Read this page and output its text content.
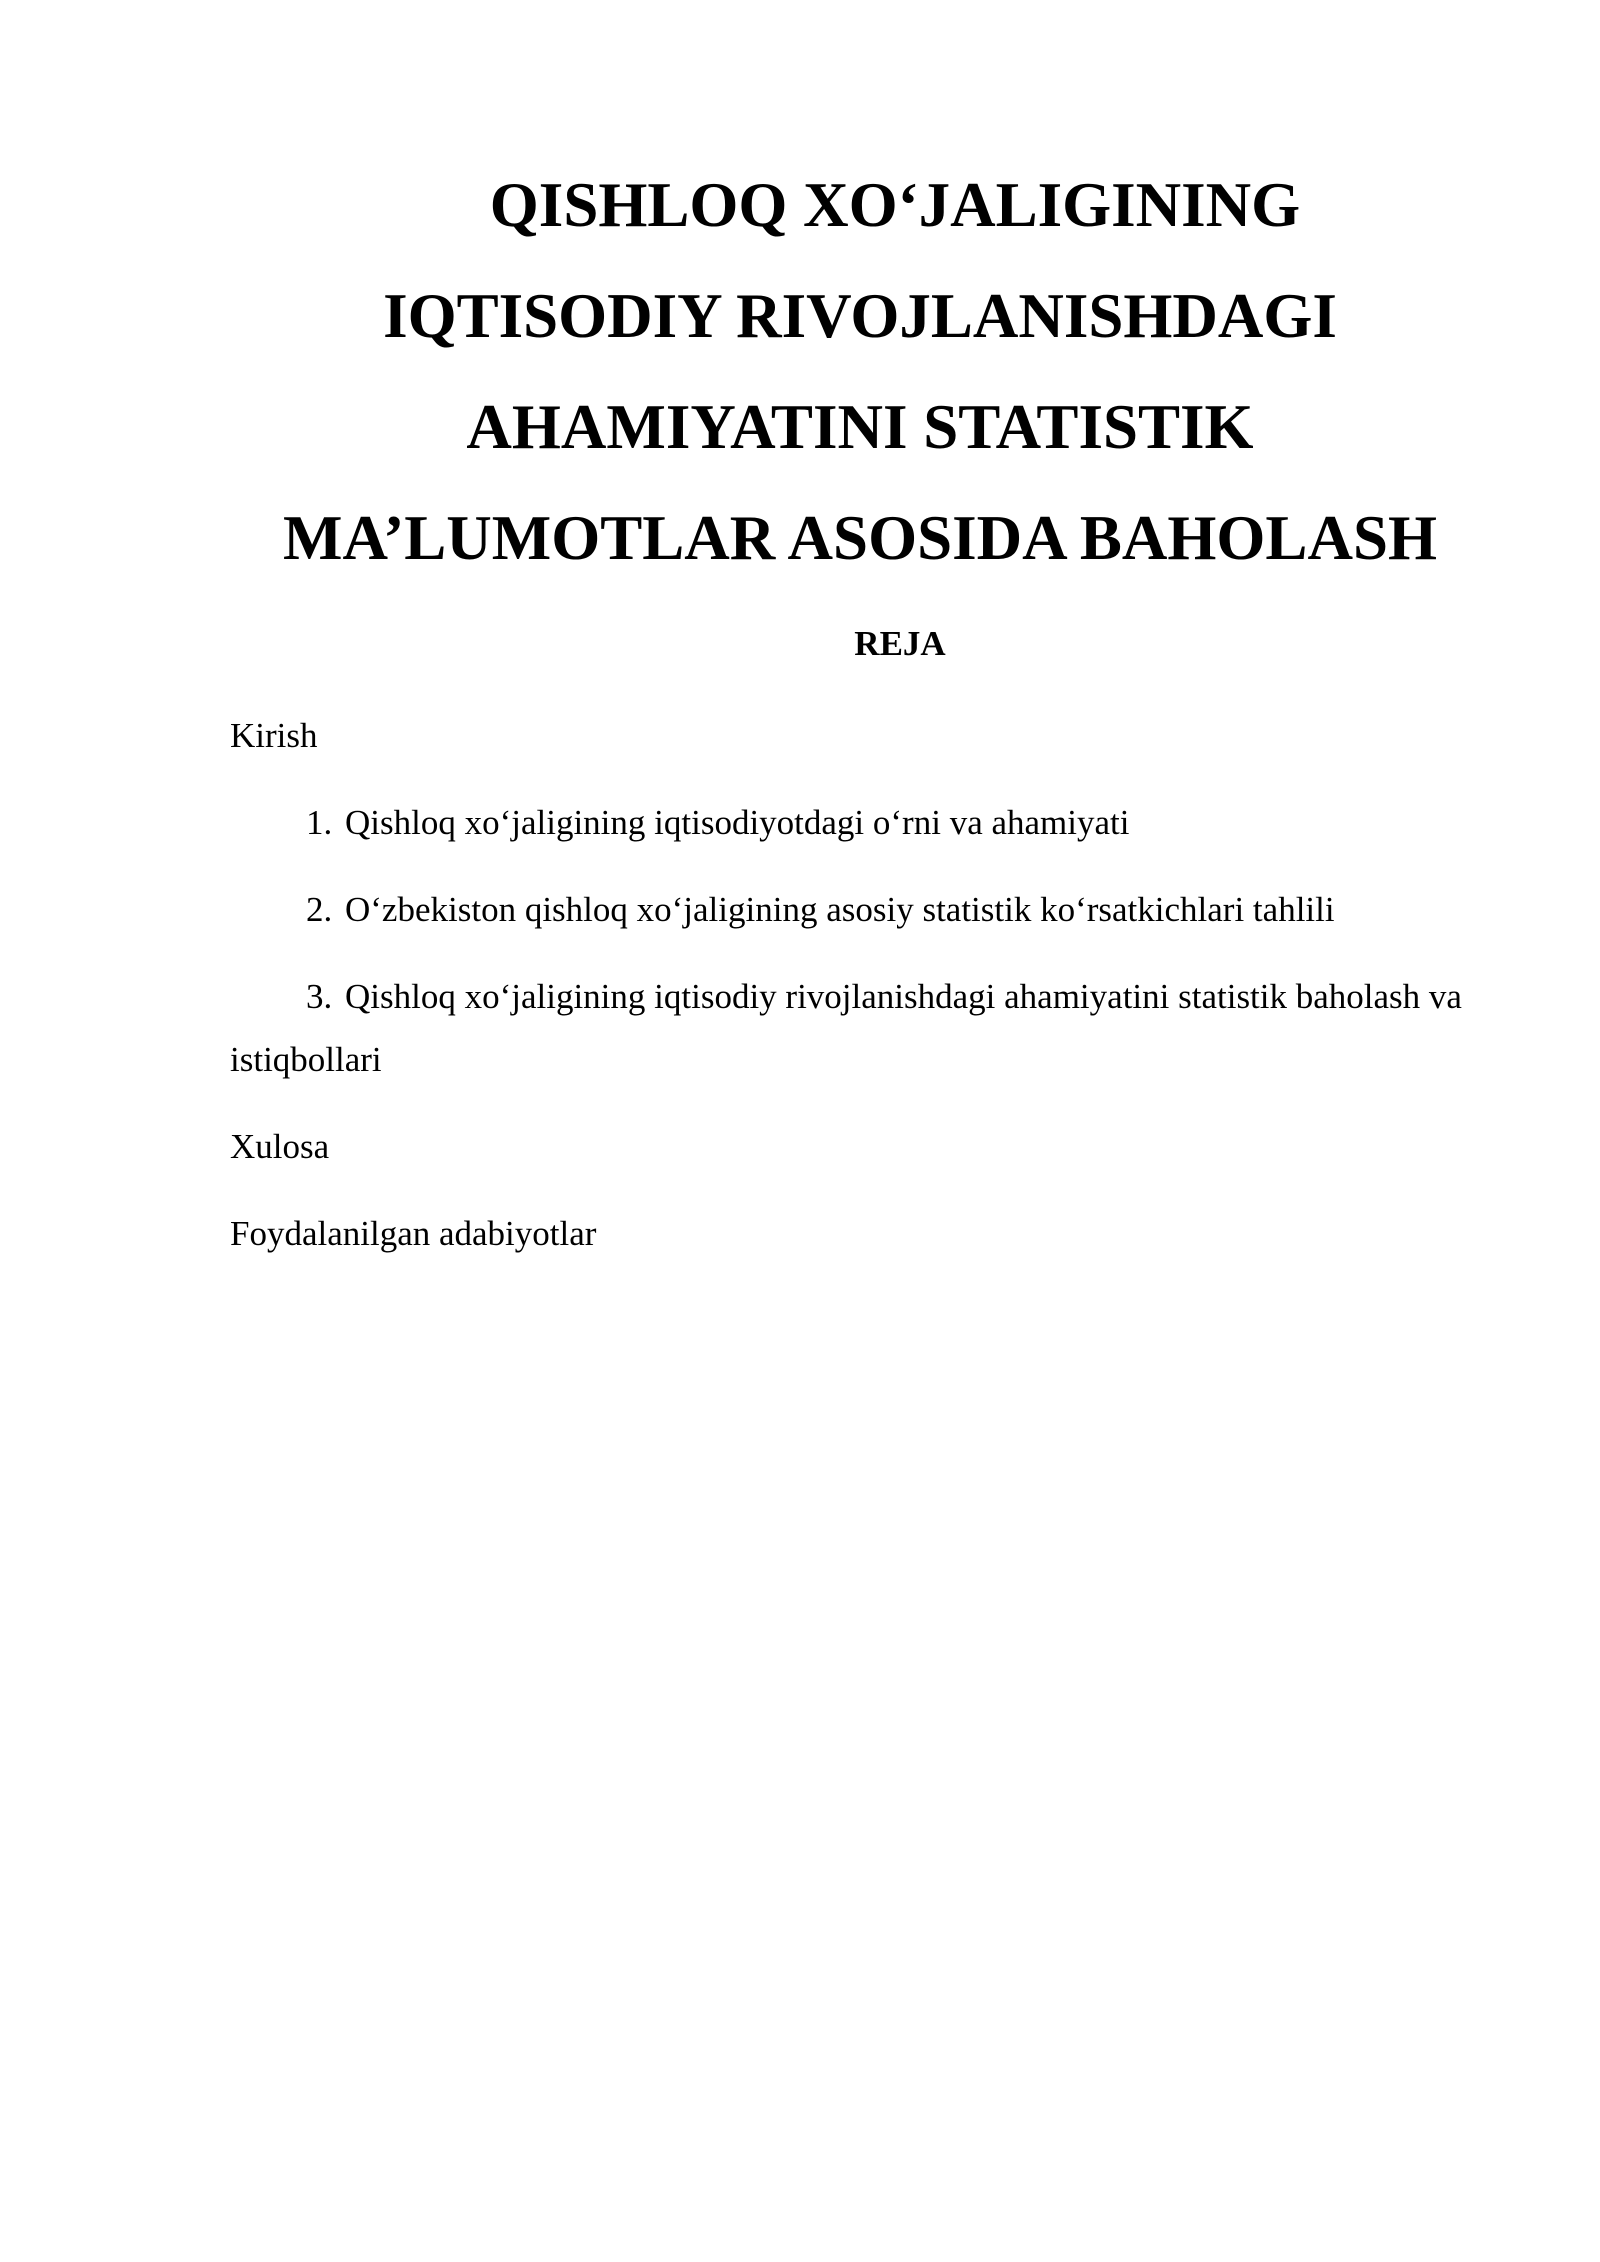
QISHLOQ XO‘JALIGINING
IQTISODIY RIVOJLANISHDAGI
AHAMIYATINI STATISTIK
MA’LUMOTLAR ASOSIDA BAHOLASH
REJA
Kirish
1. Qishloq xo‘jaligining iqtisodiyotdagi o‘rni va ahamiyati
2. O‘zbekiston qishloq xo‘jaligining asosiy statistik ko‘rsatkichlari tahlili
3. Qishloq xo‘jaligining iqtisodiy rivojlanishdagi ahamiyatini statistik baholash va istiqbollari
Xulosa
Foydalanilgan adabiyotlar
